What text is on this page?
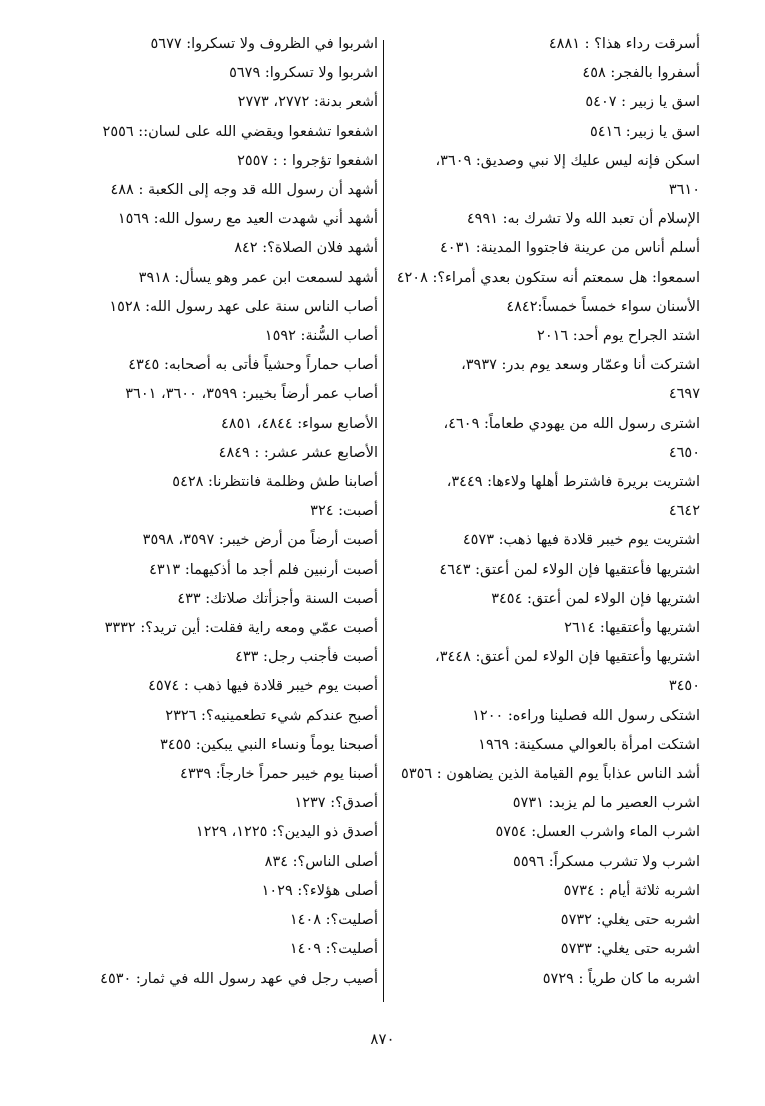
أسرقت رداء هذا؟ : ٤٨٨١

أسفروا بالفجر: ٤٥٨

اسق يا زبير : ٥٤٠٧

اسق يا زبير: ٥٤١٦

اسكن فإنه ليس عليك إلا نبي وصديق: ٣٦٠٩،

٣٦١٠

الإسلام أن تعبد الله ولا تشرك به: ٤٩٩١

أسلم أناس من عرينة فاجتووا المدينة: ٤٠٣١

اسمعوا: هل سمعتم أنه ستكون بعدي أمراء؟: ٤٢٠٨

الأسنان سواء خمساً خمساً:٤٨٤٢

اشتد الجراح يوم أحد: ٢٠١٦

اشتركت أنا وعمّار وسعد يوم بدر: ٣٩٣٧،

٤٦٩٧

اشترى رسول الله من يهودي طعاماً: ٤٦٠٩،

٤٦٥٠

اشتريت بريرة فاشترط أهلها ولاءها: ٣٤٤٩،

٤٦٤٢

اشتريت يوم خيبر قلادة فيها ذهب: ٤٥٧٣

اشتريها فأعتقيها فإن الولاء لمن أعتق: ٤٦٤٣

اشتريها فإن الولاء لمن أعتق: ٣٤٥٤

اشتريها وأعتقيها: ٢٦١٤

اشتريها وأعتقيها فإن الولاء لمن أعتق: ٣٤٤٨،

٣٤٥٠

اشتكى رسول الله فصلينا وراءه: ١٢٠٠

اشتكت امرأة بالعوالي مسكينة: ١٩٦٩

أشد الناس عذاباً يوم القيامة الذين يضاهون : ٥٣٥٦

اشرب العصير ما لم يزبد: ٥٧٣١

اشرب الماء واشرب العسل: ٥٧٥٤

اشرب ولا تشرب مسكراً: ٥٥٩٦

اشربه ثلاثة أيام : ٥٧٣٤

اشربه حتى يغلي: ٥٧٣٢

اشربه حتى يغلي: ٥٧٣٣

اشربه ما كان طرياً : ٥٧٢٩

اشربوا في الظروف ولا تسكروا: ٥٦٧٧

اشربوا ولا تسكروا: ٥٦٧٩

أشعر بدنة: ٢٧٧٢، ٢٧٧٣

اشفعوا تشفعوا ويقضي الله على لسان:: ٢٥٥٦

اشفعوا تؤجروا : : ٢٥٥٧

أشهد أن رسول الله قد وجه إلى الكعبة : ٤٨٨

أشهد أني شهدت العيد مع رسول الله: ١٥٦٩

أشهد فلان الصلاة؟: ٨٤٢

أشهد لسمعت ابن عمر وهو يسأل: ٣٩١٨

أصاب الناس سنة على عهد رسول الله: ١٥٢٨

أصاب السُّنة: ١٥٩٢

أصاب حماراً وحشياً فأتى به أصحابه: ٤٣٤٥

أصاب عمر أرضاً بخيبر: ٣٥٩٩، ٣٦٠٠، ٣٦٠١

الأصابع سواء: ٤٨٤٤، ٤٨٥١

الأصابع عشر عشر: : ٤٨٤٩

أصابنا طش وظلمة فانتظرنا: ٥٤٢٨

أصبت: ٣٢٤

أصبت أرضاً من أرض خيبر: ٣٥٩٧، ٣٥٩٨

أصبت أرنبين فلم أجد ما أذكيهما: ٤٣١٣

أصبت السنة وأجزأتك صلاتك: ٤٣٣

أصبت عمّي ومعه راية فقلت: أين تريد؟: ٣٣٣٢

أصبت فأجنب رجل: ٤٣٣

أصبت يوم خيبر قلادة فيها ذهب : ٤٥٧٤

أصبح عندكم شيء تطعمينيه؟: ٢٣٢٦

أصبحنا يوماً ونساء النبي يبكين: ٣٤٥٥

أصبنا يوم خيبر حمراً خارجاً: ٤٣٣٩

أصدق؟: ١٢٣٧

أصدق ذو اليدين؟: ١٢٢٥، ١٢٢٩

أصلى الناس؟: ٨٣٤

أصلى هؤلاء؟: ١٠٢٩

أصليت؟: ١٤٠٨

أصليت؟: ١٤٠٩

أصيب رجل في عهد رسول الله في ثمار: ٤٥٣٠

٨٧٠
